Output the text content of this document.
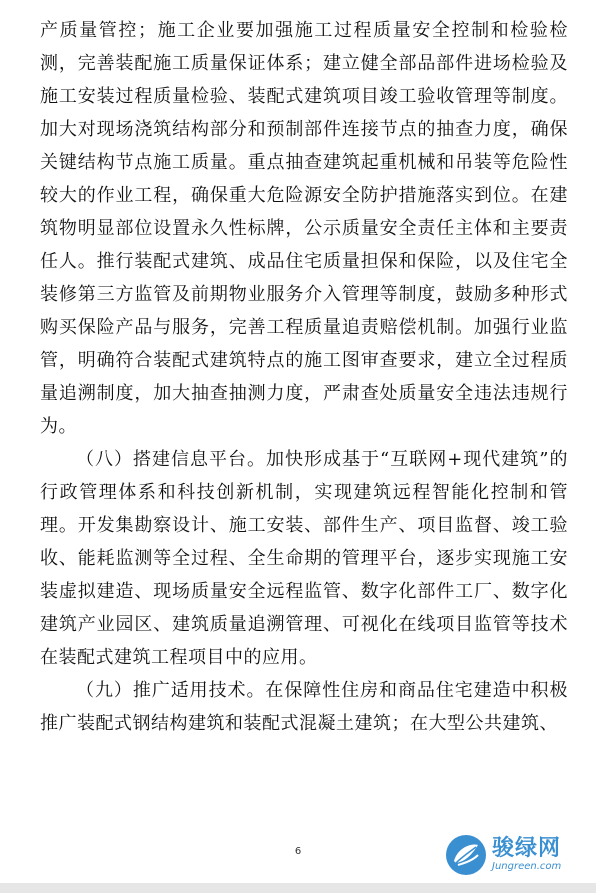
产质量管控；施工企业要加强施工过程质量安全控制和检验检测，完善装配施工质量保证体系；建立健全部品部件进场检验及施工安装过程质量检验、装配式建筑项目竣工验收管理等制度。加大对现场浇筑结构部分和预制部件连接节点的抽查力度，确保关键结构节点施工质量。重点抽查建筑起重机械和吊装等危险性较大的作业工程，确保重大危险源安全防护措施落实到位。在建筑物明显部位设置永久性标牌，公示质量安全责任主体和主要责任人。推行装配式建筑、成品住宅质量担保和保险，以及住宅全装修第三方监管及前期物业服务介入管理等制度，鼓励多种形式购买保险产品与服务，完善工程质量追责赔偿机制。加强行业监管，明确符合装配式建筑特点的施工图审查要求，建立全过程质量追溯制度，加大抽查抽测力度，严肃查处质量安全违法违规行为。

（八）搭建信息平台。加快形成基于“互联网+现代建筑”的行政管理体系和科技创新机制，实现建筑远程智能化控制和管理。开发集勘察设计、施工安装、部件生产、项目监督、竣工验收、能耗监测等全过程、全生命期的管理平台，逐步实现施工安装虚拟建造、现场质量安全远程监管、数字化部件工厂、数字化建筑产业园区、建筑质量追溯管理、可视化在线项目监管等技术在装配式建筑工程项目中的应用。

（九）推广适用技术。在保障性住房和商品住宅建造中积极推广装配式钢结构建筑和装配式混凝土建筑；在大型公共建筑、

6	骏绿网
Jungreen.com
